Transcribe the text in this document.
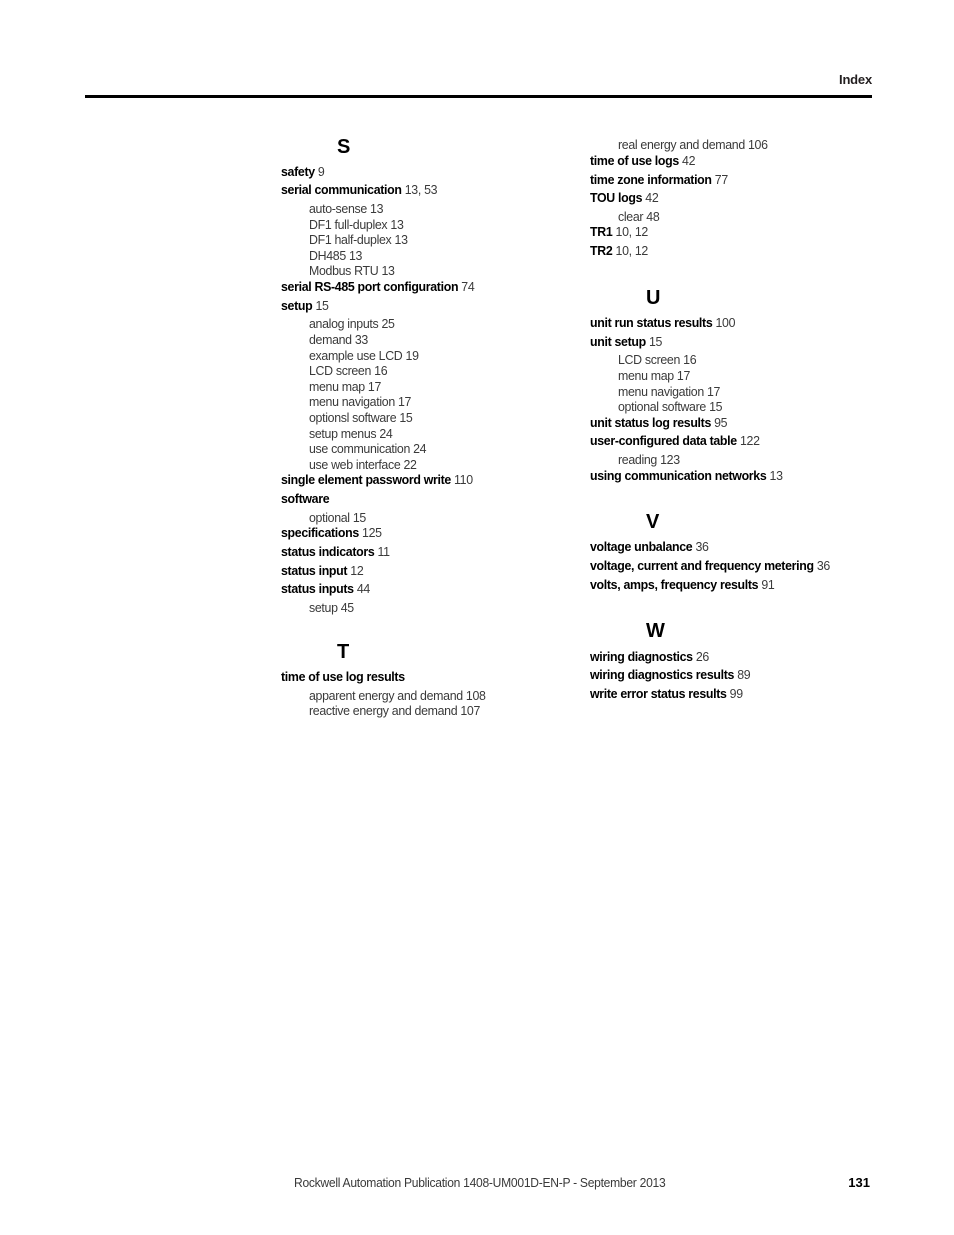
Index
S
safety 9
serial communication 13, 53
auto-sense 13
DF1 full-duplex 13
DF1 half-duplex 13
DH485 13
Modbus RTU 13
serial RS-485 port configuration 74
setup 15
analog inputs 25
demand 33
example use LCD 19
LCD screen 16
menu map 17
menu navigation 17
optionsl software 15
setup menus 24
use communication 24
use web interface 22
single element password write 110
software
optional 15
specifications 125
status indicators 11
status input 12
status inputs 44
setup 45
T
time of use log results
apparent energy and demand 108
reactive energy and demand 107
real energy and demand 106
time of use logs 42
time zone information 77
TOU logs 42
clear 48
TR1 10, 12
TR2 10, 12
U
unit run status results 100
unit setup 15
LCD screen 16
menu map 17
menu navigation 17
optional software 15
unit status log results 95
user-configured data table 122
reading 123
using communication networks 13
V
voltage unbalance 36
voltage, current and frequency metering 36
volts, amps, frequency results 91
W
wiring diagnostics 26
wiring diagnostics results 89
write error status results 99
Rockwell Automation Publication 1408-UM001D-EN-P - September 2013	131
